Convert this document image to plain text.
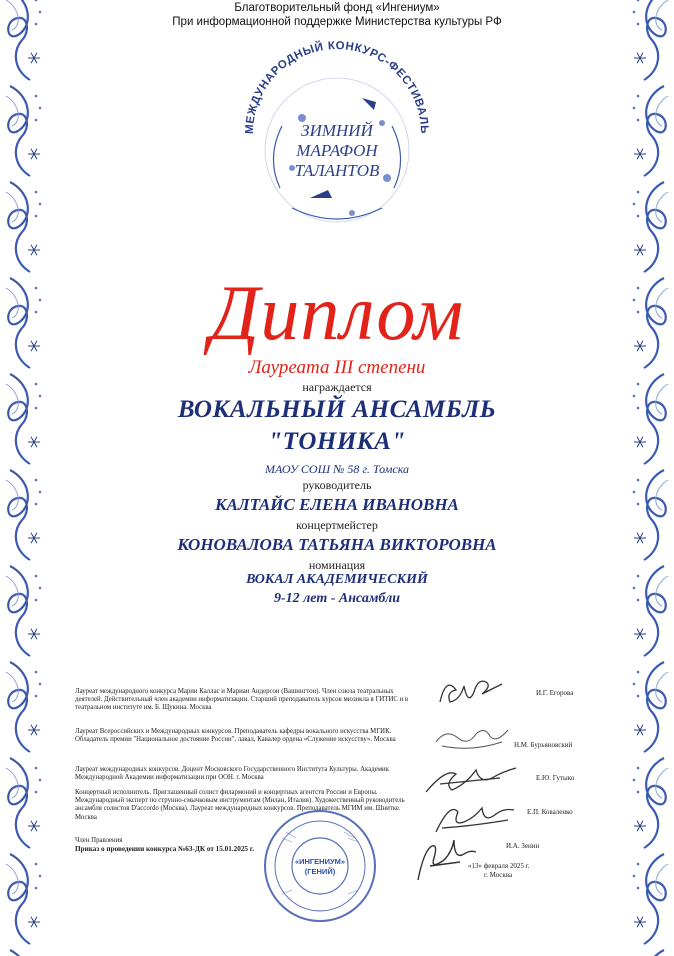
Благотворительный фонд «Ингениум»
При информационной поддержке Министерства культуры РФ
МЕЖДУНАРОДНЫЙ КОНКУРС-ФЕСТИВАЛЬ
ЗИМНИЙ
МАРАФОН
ТАЛАНТОВ
Диплом
Лауреата III степени
награждается
ВОКАЛЬНЫЙ АНСАМБЛЬ
"ТОНИКА"
МАОУ СОШ № 58 г. Томска
руководитель
КАЛТАЙС ЕЛЕНА ИВАНОВНА
концертмейстер
КОНОВАЛОВА ТАТЬЯНА ВИКТОРОВНА
номинация
ВОКАЛ АКАДЕМИЧЕСКИЙ
9-12 лет - Ансамбли
Лауреат международного конкурса Марии Каллас и Мариан Андерсон (Вашингтон). Член союза театральных деятелей. Действительный член академии информатизации. Старший преподаватель курсов мюзикла в ГИТИС и в театральном институте им. Б. Щукина. Москва
И.Г. Егорова
Лауреат Всероссийских и Международных конкурсов. Преподаватель кафедры вокального искусства МГИК. Обладатель премии "Национальное достояние России", лавал, Кавалер ордена «Служение искусству». Москва
Н.М. Бурьяновский
Лауреат международных конкурсов. Доцент Московского Государственного Института Культуры. Академик Международной Академии информатизации при ООН. г. Москва	Е.Ю. Гутыко
Концертный исполнитель. Приглашенный солист филармоний и концертных агентств России и Европы. Международный эксперт по струнно-смычковым инструментам (Милан, Италия). Художественный руководитель ансамбля солистов D'accordo (Москва). Лауреат международных конкурсов. Преподаватель МГИМ им. Шнитке. Москва
Е.П. Коваленко
Член Правления
Приказ о проведении конкурса №63-ДК от 15.01.2025 г.	И.А. Зенин
«13» февраля 2025 г.
г. Москва
«ИНГЕНИУМ»
(ГЕНИЙ)
